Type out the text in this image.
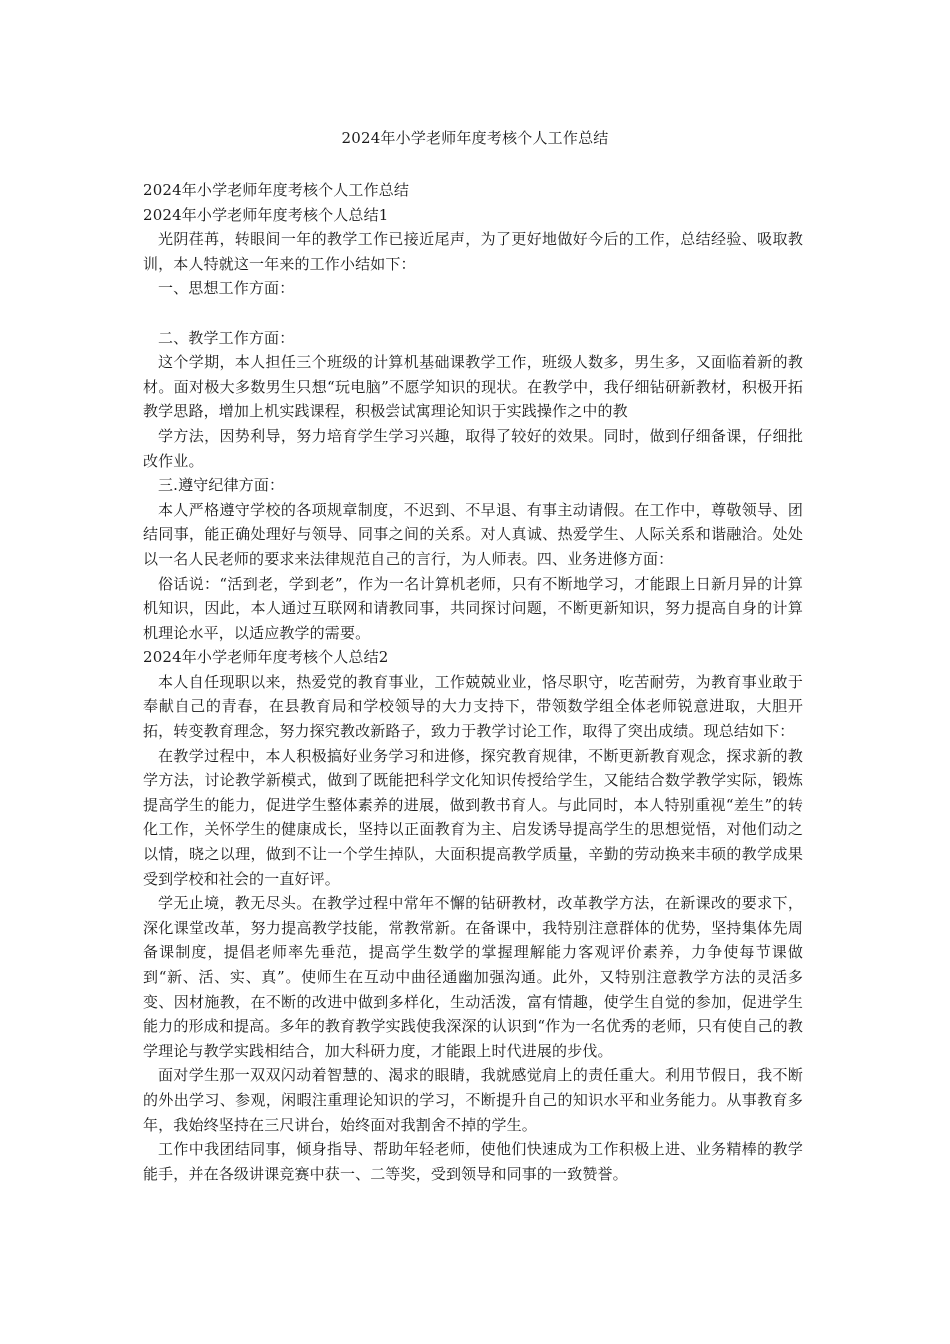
2024年小学老师年度考核个人工作总结

2024年小学老师年度考核个人工作总结

2024年小学老师年度考核个人总结1

光阴荏苒，转眼间一年的教学工作已接近尾声，为了更好地做好今后的工作，总结经验、吸取教训，本人特就这一年来的工作小结如下：

一、思想工作方面：

二、教学工作方面：

这个学期，本人担任三个班级的计算机基础课教学工作，班级人数多，男生多，又面临着新的教材。面对极大多数男生只想“玩电脑”不愿学知识的现状。在教学中，我仔细钻研新教材，积极开拓教学思路，增加上机实践课程，积极尝试寓理论知识于实践操作之中的教

学方法，因势利导，努力培育学生学习兴趣，取得了较好的效果。同时，做到仔细备课，仔细批改作业。

三.遵守纪律方面：

本人严格遵守学校的各项规章制度，不迟到、不早退、有事主动请假。在工作中，尊敬领导、团结同事，能正确处理好与领导、同事之间的关系。对人真诚、热爱学生、人际关系和谐融洽。处处以一名人民老师的要求来法律规范自己的言行，为人师表。四、业务进修方面：

俗话说：“活到老，学到老”，作为一名计算机老师，只有不断地学习，才能跟上日新月异的计算机知识，因此，本人通过互联网和请教同事，共同探讨问题，不断更新知识，努力提高自身的计算机理论水平，以适应教学的需要。

2024年小学老师年度考核个人总结2

本人自任现职以来，热爱党的教育事业，工作兢兢业业，恪尽职守，吃苦耐劳，为教育事业敢于奉献自己的青春，在县教育局和学校领导的大力支持下，带领数学组全体老师锐意进取，大胆开拓，转变教育理念，努力探究教改新路子，致力于教学讨论工作，取得了突出成绩。现总结如下：

在教学过程中，本人积极搞好业务学习和进修，探究教育规律，不断更新教育观念，探求新的教学方法，讨论教学新模式，做到了既能把科学文化知识传授给学生，又能结合数学教学实际，锻炼提高学生的能力，促进学生整体素养的进展，做到教书育人。与此同时，本人特别重视“差生”的转化工作，关怀学生的健康成长，坚持以正面教育为主、启发诱导提高学生的思想觉悟，对他们动之以情，晓之以理，做到不让一个学生掉队，大面积提高教学质量，辛勤的劳动换来丰硕的教学成果受到学校和社会的一直好评。

学无止境，教无尽头。在教学过程中常年不懈的钻研教材，改革教学方法，在新课改的要求下，深化课堂改革，努力提高教学技能，常教常新。在备课中，我特别注意群体的优势，坚持集体先周备课制度，提倡老师率先垂范，提高学生数学的掌握理解能力客观评价素养，力争使每节课做到“新、活、实、真”。使师生在互动中曲径通幽加强沟通。此外，又特别注意教学方法的灵活多变、因材施教，在不断的改进中做到多样化，生动活泼，富有情趣，使学生自觉的参加，促进学生能力的形成和提高。多年的教育教学实践使我深深的认识到“作为一名优秀的老师，只有使自己的教学理论与教学实践相结合，加大科研力度，才能跟上时代进展的步伐。

面对学生那一双双闪动着智慧的、渴求的眼睛，我就感觉肩上的责任重大。利用节假日，我不断的外出学习、参观，闲暇注重理论知识的学习，不断提升自己的知识水平和业务能力。从事教育多年，我始终坚持在三尺讲台，始终面对我割舍不掉的学生。

工作中我团结同事，倾身指导、帮助年轻老师，使他们快速成为工作积极上进、业务精棒的教学能手，并在各级讲课竞赛中获一、二等奖，受到领导和同事的一致赞誉。
